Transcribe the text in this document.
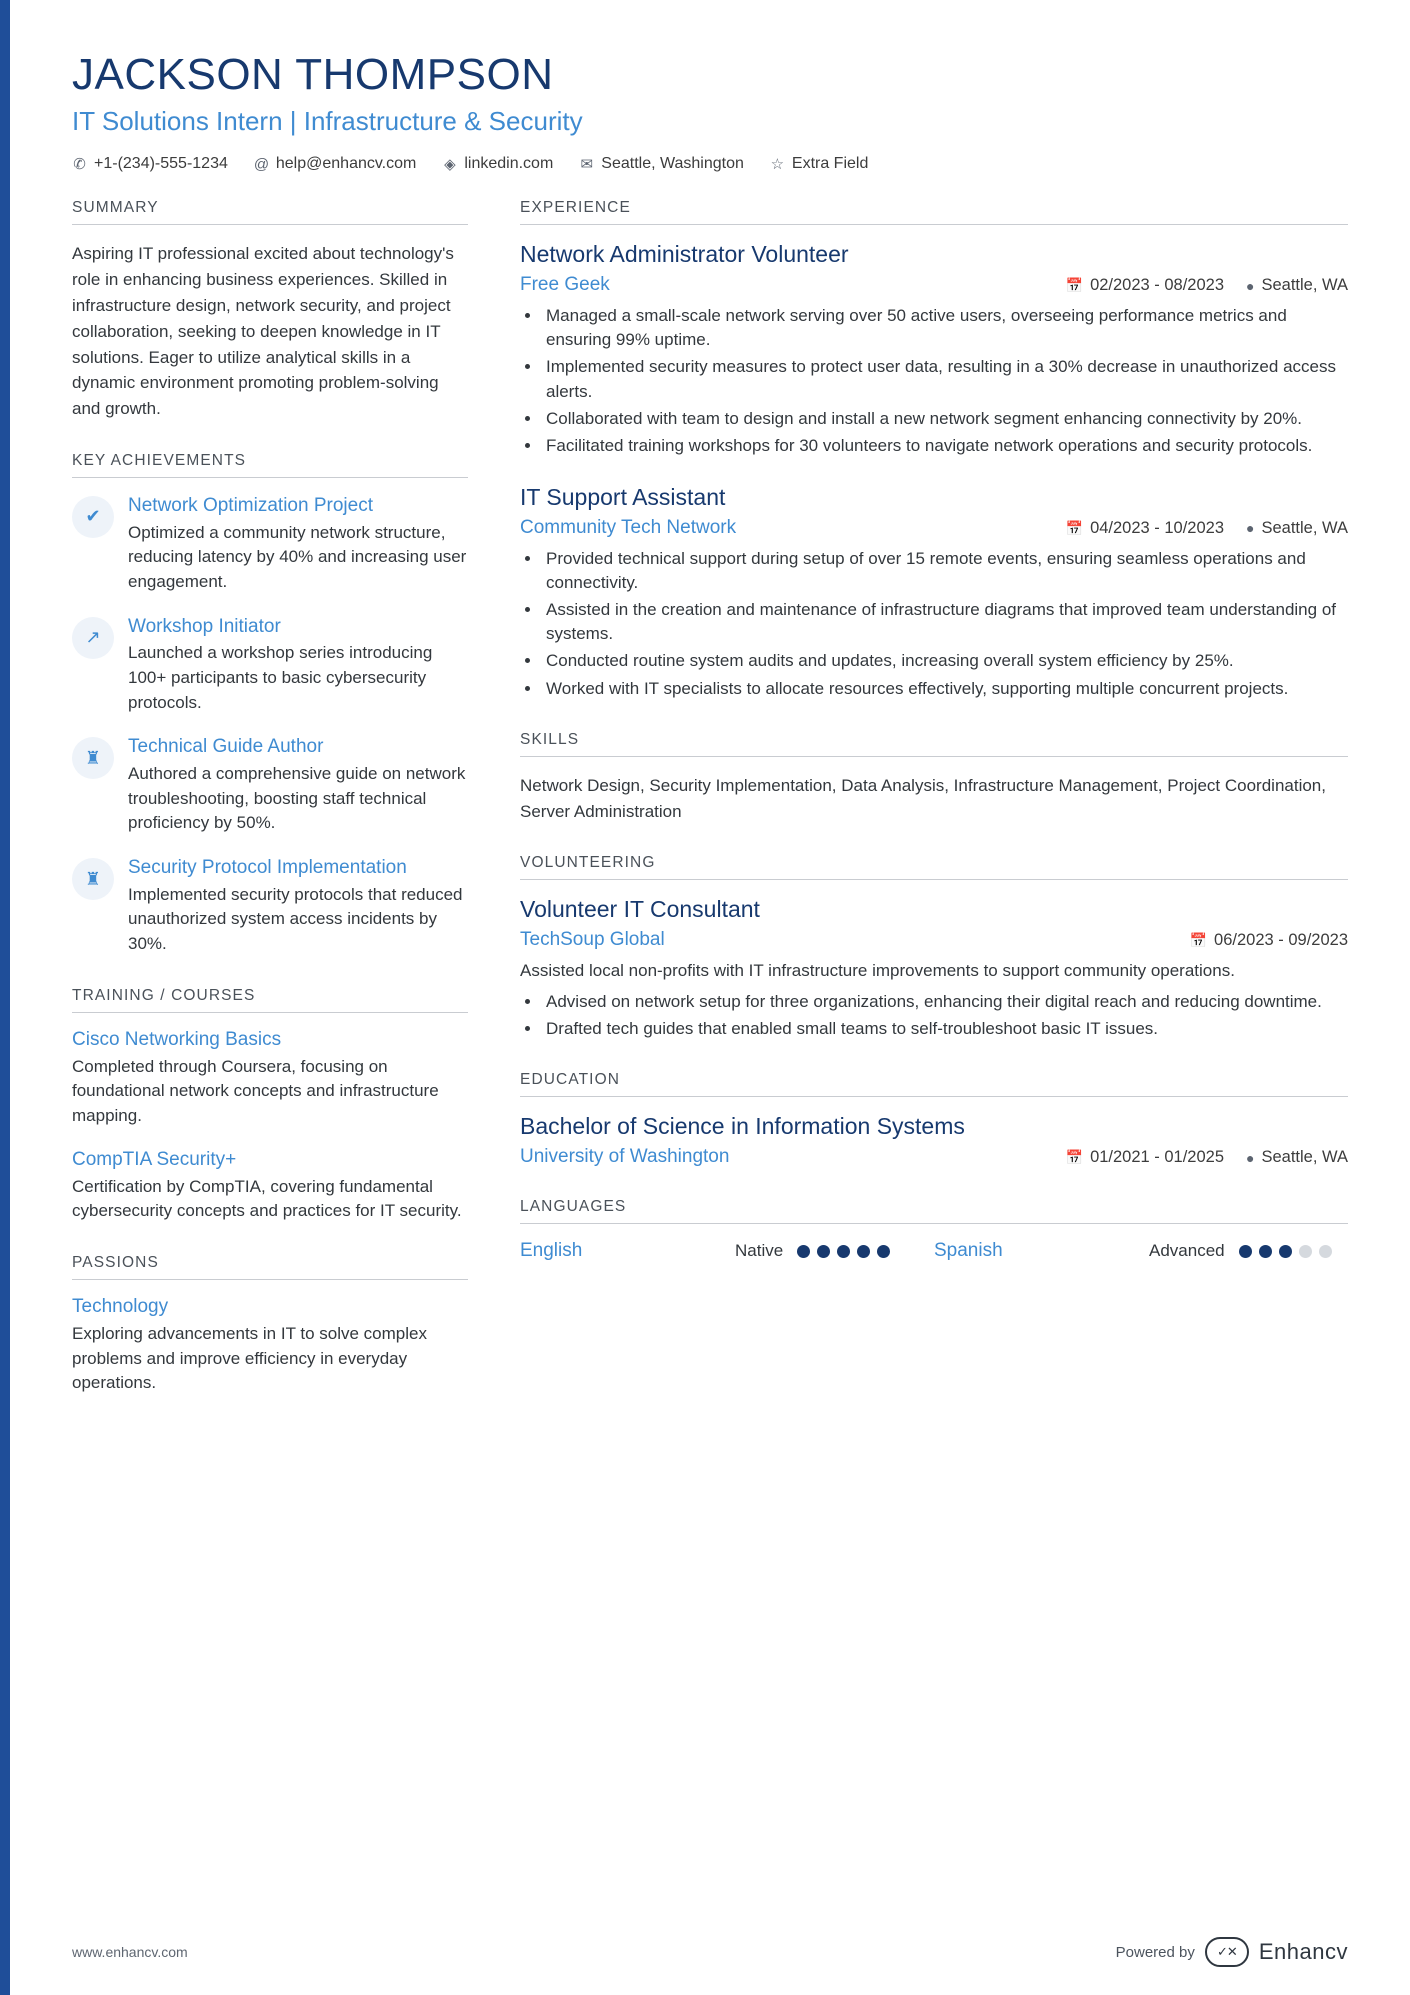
JACKSON THOMPSON
IT Solutions Intern | Infrastructure & Security
✆ +1-(234)-555-1234 @ help@enhancv.com ◈ linkedin.com ✉ Seattle, Washington ☆ Extra Field
SUMMARY
Aspiring IT professional excited about technology's role in enhancing business experiences. Skilled in infrastructure design, network security, and project collaboration, seeking to deepen knowledge in IT solutions. Eager to utilize analytical skills in a dynamic environment promoting problem-solving and growth.
KEY ACHIEVEMENTS
✔
Network Optimization Project
Optimized a community network structure, reducing latency by 40% and increasing user engagement.
↗
Workshop Initiator
Launched a workshop series introducing 100+ participants to basic cybersecurity protocols.
♜
Technical Guide Author
Authored a comprehensive guide on network troubleshooting, boosting staff technical proficiency by 50%.
♜
Security Protocol Implementation
Implemented security protocols that reduced unauthorized system access incidents by 30%.
TRAINING / COURSES
Cisco Networking Basics
Completed through Coursera, focusing on foundational network concepts and infrastructure mapping.
CompTIA Security+
Certification by CompTIA, covering fundamental cybersecurity concepts and practices for IT security.
PASSIONS
Technology
Exploring advancements in IT to solve complex problems and improve efficiency in everyday operations.
EXPERIENCE
Network Administrator Volunteer
Free Geek	📅 02/2023 - 08/2023 ● Seattle, WA
• Managed a small-scale network serving over 50 active users, overseeing performance metrics and ensuring 99% uptime.
• Implemented security measures to protect user data, resulting in a 30% decrease in unauthorized access alerts.
• Collaborated with team to design and install a new network segment enhancing connectivity by 20%.
• Facilitated training workshops for 30 volunteers to navigate network operations and security protocols.
IT Support Assistant
Community Tech Network	📅 04/2023 - 10/2023 ● Seattle, WA
• Provided technical support during setup of over 15 remote events, ensuring seamless operations and connectivity.
• Assisted in the creation and maintenance of infrastructure diagrams that improved team understanding of systems.
• Conducted routine system audits and updates, increasing overall system efficiency by 25%.
• Worked with IT specialists to allocate resources effectively, supporting multiple concurrent projects.
SKILLS
Network Design, Security Implementation, Data Analysis, Infrastructure Management, Project Coordination, Server Administration
VOLUNTEERING
Volunteer IT Consultant
TechSoup Global	📅 06/2023 - 09/2023
Assisted local non-profits with IT infrastructure improvements to support community operations.
• Advised on network setup for three organizations, enhancing their digital reach and reducing downtime.
• Drafted tech guides that enabled small teams to self-troubleshoot basic IT issues.
EDUCATION
Bachelor of Science in Information Systems
University of Washington	📅 01/2021 - 01/2025 ● Seattle, WA
LANGUAGES
English	Native	Spanish	Advanced
www.enhancv.com	Powered by	✓✕	Enhancv
